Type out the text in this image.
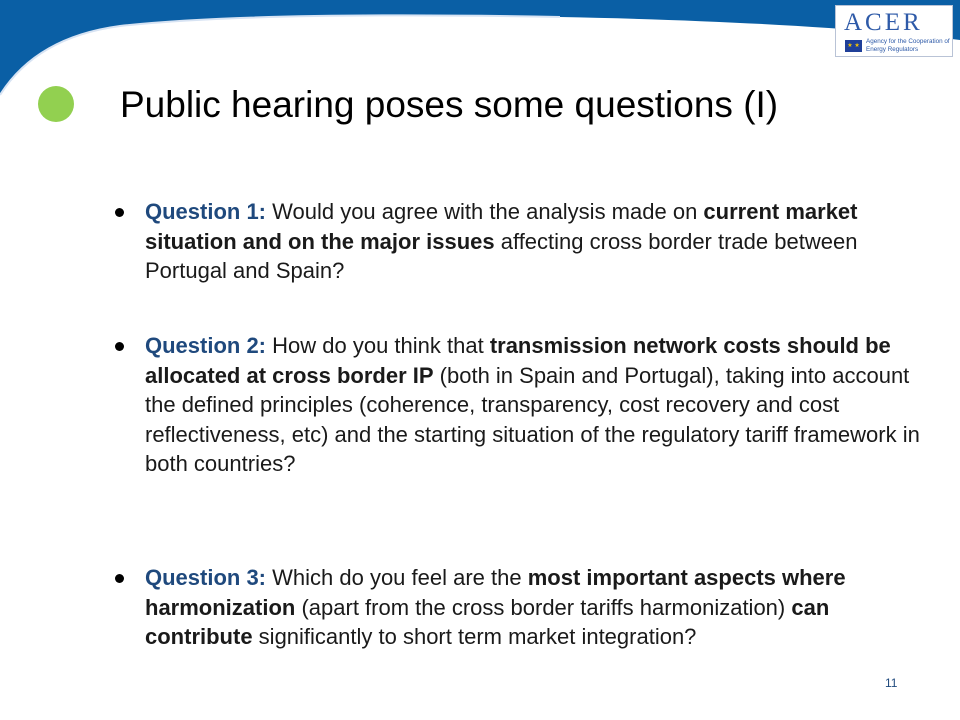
ACER
★ ★
Agency for the Cooperation of Energy Regulators
Public hearing poses some questions (I)
Question 1: Would you agree with the analysis made on current market situation and on the major issues affecting cross border trade between Portugal and Spain?
Question 2: How do you think that transmission network costs should be allocated at cross border IP (both in Spain and Portugal), taking into account the defined principles (coherence, transparency, cost recovery and cost reflectiveness, etc) and the starting situation of the regulatory tariff framework in both countries?
Question 3: Which do you feel are the most important aspects where harmonization (apart from the cross border tariffs harmonization) can contribute significantly to short term market integration?
11
